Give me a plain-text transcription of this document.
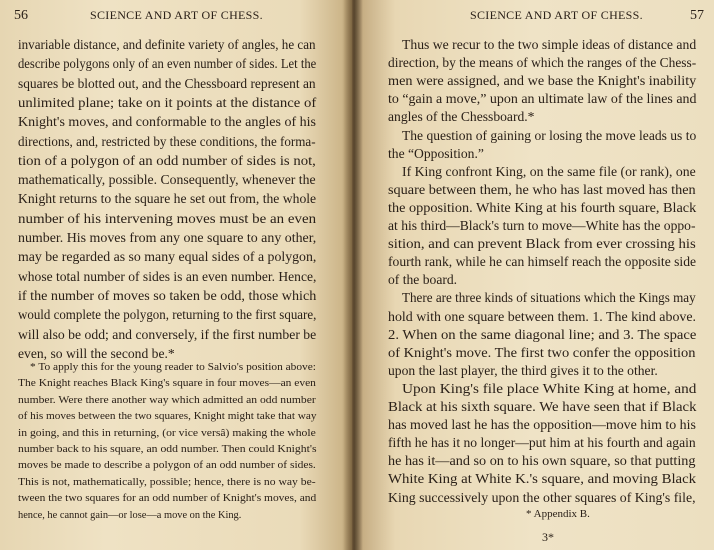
56	SCIENCE AND ART OF CHESS.
invariable distance, and definite variety of angles, he can
describe polygons only of an even number of sides. Let the
squares be blotted out, and the Chessboard represent an
unlimited plane; take on it points at the distance of
Knight's moves, and conformable to the angles of his
directions, and, restricted by these conditions, the forma-
tion of a polygon of an odd number of sides is not,
mathematically, possible. Consequently, whenever the
Knight returns to the square he set out from, the whole
number of his intervening moves must be an even
number. His moves from any one square to any other,
may be regarded as so many equal sides of a polygon,
whose total number of sides is an even number. Hence,
if the number of moves so taken be odd, those which
would complete the polygon, returning to the first square,
will also be odd; and conversely, if the first number be
even, so will the second be.*
* To apply this for the young reader to Salvio's position above:
The Knight reaches Black King's square in four moves—an even
number. Were there another way which admitted an odd number
of his moves between the two squares, Knight might take that way
in going, and this in returning, (or vice versâ) making the whole
number back to his square, an odd number. Then could Knight's
moves be made to describe a polygon of an odd number of sides.
This is not, mathematically, possible; hence, there is no way be-
tween the two squares for an odd number of Knight's moves, and
hence, he cannot gain—or lose—a move on the King.
SCIENCE AND ART OF CHESS.	57
Thus we recur to the two simple ideas of distance and
direction, by the means of which the ranges of the Chess-
men were assigned, and we base the Knight's inability
to “gain a move,” upon an ultimate law of the lines and
angles of the Chessboard.*
The question of gaining or losing the move leads us to
the “Opposition.”
If King confront King, on the same file (or rank), one
square between them, he who has last moved has then
the opposition. White King at his fourth square, Black
at his third—Black's turn to move—White has the oppo-
sition, and can prevent Black from ever crossing his
fourth rank, while he can himself reach the opposite side
of the board.
There are three kinds of situations which the Kings may
hold with one square between them. 1. The kind above.
2. When on the same diagonal line; and 3. The space
of Knight's move. The first two confer the opposition
upon the last player, the third gives it to the other.
Upon King's file place White King at home, and
Black at his sixth square. We have seen that if Black
has moved last he has the opposition—move him to his
fifth he has it no longer—put him at his fourth and again
he has it—and so on to his own square, so that putting
White King at White K.'s square, and moving Black
King successively upon the other squares of King's file,
* Appendix B.
3*
